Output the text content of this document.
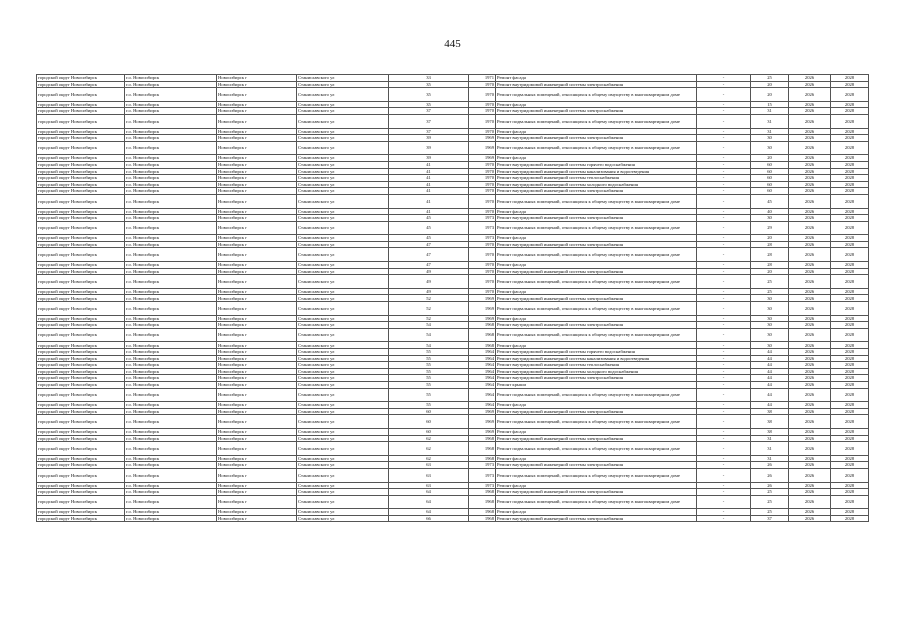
445
городской округ Новосибирск	г.о. Новосибирск	Новосибирск г	Станиславского ул	33	1971	Ремонт фасада	-	25	2026	2028
городской округ Новосибирск	г.о. Новосибирск	Новосибирск г	Станиславского ул	35	1970	Ремонт внутридомовой инженерной системы электроснабжения	-	20	2026	2028
городской округ Новосибирск	г.о. Новосибирск	Новосибирск г	Станиславского ул	35	1970	Ремонт подвальных помещений, относящихся к общему имуществу в многоквартирном доме	-	20	2026	2028
городской округ Новосибирск	г.о. Новосибирск	Новосибирск г	Станиславского ул	35	1970	Ремонт фасада	-	15	2026	2028
городской округ Новосибирск	г.о. Новосибирск	Новосибирск г	Станиславского ул	37	1970	Ремонт внутридомовой инженерной системы электроснабжения	-	31	2026	2028
городской округ Новосибирск	г.о. Новосибирск	Новосибирск г	Станиславского ул	37	1970	Ремонт подвальных помещений, относящихся к общему имуществу в многоквартирном доме	-	31	2026	2028
городской округ Новосибирск	г.о. Новосибирск	Новосибирск г	Станиславского ул	37	1970	Ремонт фасада	-	31	2026	2028
городской округ Новосибирск	г.о. Новосибирск	Новосибирск г	Станиславского ул	39	1969	Ремонт внутридомовой инженерной системы электроснабжения	-	30	2026	2028
городской округ Новосибирск	г.о. Новосибирск	Новосибирск г	Станиславского ул	39	1969	Ремонт подвальных помещений, относящихся к общему имуществу в многоквартирном доме	-	30	2026	2028
городской округ Новосибирск	г.о. Новосибирск	Новосибирск г	Станиславского ул	39	1969	Ремонт фасада	-	20	2026	2028
городской округ Новосибирск	г.о. Новосибирск	Новосибирск г	Станиславского ул	41	1970	Ремонт внутридомовой инженерной системы горячего водоснабжения	-	60	2026	2028
городской округ Новосибирск	г.о. Новосибирск	Новосибирск г	Станиславского ул	41	1970	Ремонт внутридомовой инженерной системы канализования и водоотведения	-	60	2026	2028
городской округ Новосибирск	г.о. Новосибирск	Новосибирск г	Станиславского ул	41	1970	Ремонт внутридомовой инженерной системы теплоснабжения	-	60	2026	2028
городской округ Новосибирск	г.о. Новосибирск	Новосибирск г	Станиславского ул	41	1970	Ремонт внутридомовой инженерной системы холодного водоснабжения	-	60	2026	2028
городской округ Новосибирск	г.о. Новосибирск	Новосибирск г	Станиславского ул	41	1970	Ремонт внутридомовой инженерной системы электроснабжения	-	60	2026	2028
городской округ Новосибирск	г.о. Новосибирск	Новосибирск г	Станиславского ул	41	1970	Ремонт подвальных помещений, относящихся к общему имуществу в многоквартирном доме	-	45	2026	2028
городской округ Новосибирск	г.о. Новосибирск	Новосибирск г	Станиславского ул	41	1970	Ремонт фасада	-	40	2026	2028
городской округ Новосибирск	г.о. Новосибирск	Новосибирск г	Станиславского ул	45	1973	Ремонт внутридомовой инженерной системы электроснабжения	-	30	2026	2028
городской округ Новосибирск	г.о. Новосибирск	Новосибирск г	Станиславского ул	45	1973	Ремонт подвальных помещений, относящихся к общему имуществу в многоквартирном доме	-	29	2026	2028
городской округ Новосибирск	г.о. Новосибирск	Новосибирск г	Станиславского ул	45	1973	Ремонт фасада	-	20	2026	2028
городской округ Новосибирск	г.о. Новосибирск	Новосибирск г	Станиславского ул	47	1970	Ремонт внутридомовой инженерной системы электроснабжения	-	28	2026	2028
городской округ Новосибирск	г.о. Новосибирск	Новосибирск г	Станиславского ул	47	1970	Ремонт подвальных помещений, относящихся к общему имуществу в многоквартирном доме	-	28	2026	2028
городской округ Новосибирск	г.о. Новосибирск	Новосибирск г	Станиславского ул	47	1970	Ремонт фасада	-	28	2026	2028
городской округ Новосибирск	г.о. Новосибирск	Новосибирск г	Станиславского ул	49	1970	Ремонт внутридомовой инженерной системы электроснабжения	-	20	2026	2028
городской округ Новосибирск	г.о. Новосибирск	Новосибирск г	Станиславского ул	49	1970	Ремонт подвальных помещений, относящихся к общему имуществу в многоквартирном доме	-	25	2026	2028
городской округ Новосибирск	г.о. Новосибирск	Новосибирск г	Станиславского ул	49	1970	Ремонт фасада	-	25	2026	2028
городской округ Новосибирск	г.о. Новосибирск	Новосибирск г	Станиславского ул	52	1969	Ремонт внутридомовой инженерной системы электроснабжения	-	30	2026	2028
городской округ Новосибирск	г.о. Новосибирск	Новосибирск г	Станиславского ул	52	1969	Ремонт подвальных помещений, относящихся к общему имуществу в многоквартирном доме	-	30	2026	2028
городской округ Новосибирск	г.о. Новосибирск	Новосибирск г	Станиславского ул	52	1969	Ремонт фасада	-	30	2026	2028
городской округ Новосибирск	г.о. Новосибирск	Новосибирск г	Станиславского ул	54	1968	Ремонт внутридомовой инженерной системы электроснабжения	-	30	2026	2028
городской округ Новосибирск	г.о. Новосибирск	Новосибирск г	Станиславского ул	54	1968	Ремонт подвальных помещений, относящихся к общему имуществу в многоквартирном доме	-	30	2026	2028
городской округ Новосибирск	г.о. Новосибирск	Новосибирск г	Станиславского ул	54	1968	Ремонт фасада	-	30	2026	2028
городской округ Новосибирск	г.о. Новосибирск	Новосибирск г	Станиславского ул	55	1964	Ремонт внутридомовой инженерной системы горячего водоснабжения	-	44	2026	2028
городской округ Новосибирск	г.о. Новосибирск	Новосибирск г	Станиславского ул	55	1964	Ремонт внутридомовой инженерной системы канализования и водоотведения	-	44	2026	2028
городской округ Новосибирск	г.о. Новосибирск	Новосибирск г	Станиславского ул	55	1964	Ремонт внутридомовой инженерной системы теплоснабжения	-	44	2026	2028
городской округ Новосибирск	г.о. Новосибирск	Новосибирск г	Станиславского ул	55	1964	Ремонт внутридомовой инженерной системы холодного водоснабжения	-	44	2026	2028
городской округ Новосибирск	г.о. Новосибирск	Новосибирск г	Станиславского ул	55	1964	Ремонт внутридомовой инженерной системы электроснабжения	-	44	2026	2028
городской округ Новосибирск	г.о. Новосибирск	Новосибирск г	Станиславского ул	55	1964	Ремонт крыши	-	44	2026	2028
городской округ Новосибирск	г.о. Новосибирск	Новосибирск г	Станиславского ул	55	1964	Ремонт подвальных помещений, относящихся к общему имуществу в многоквартирном доме	-	44	2026	2028
городской округ Новосибирск	г.о. Новосибирск	Новосибирск г	Станиславского ул	55	1964	Ремонт фасада	-	44	2026	2028
городской округ Новосибирск	г.о. Новосибирск	Новосибирск г	Станиславского ул	60	1969	Ремонт внутридомовой инженерной системы электроснабжения	-	38	2026	2028
городской округ Новосибирск	г.о. Новосибирск	Новосибирск г	Станиславского ул	60	1969	Ремонт подвальных помещений, относящихся к общему имуществу в многоквартирном доме	-	38	2026	2028
городской округ Новосибирск	г.о. Новосибирск	Новосибирск г	Станиславского ул	60	1969	Ремонт фасада	-	38	2026	2028
городской округ Новосибирск	г.о. Новосибирск	Новосибирск г	Станиславского ул	62	1968	Ремонт внутридомовой инженерной системы электроснабжения	-	31	2026	2028
городской округ Новосибирск	г.о. Новосибирск	Новосибирск г	Станиславского ул	62	1968	Ремонт подвальных помещений, относящихся к общему имуществу в многоквартирном доме	-	31	2026	2028
городской округ Новосибирск	г.о. Новосибирск	Новосибирск г	Станиславского ул	62	1968	Ремонт фасада	-	31	2026	2028
городской округ Новосибирск	г.о. Новосибирск	Новосибирск г	Станиславского ул	63	1973	Ремонт внутридомовой инженерной системы электроснабжения	-	26	2026	2028
городской округ Новосибирск	г.о. Новосибирск	Новосибирск г	Станиславского ул	63	1973	Ремонт подвальных помещений, относящихся к общему имуществу в многоквартирном доме	-	26	2026	2028
городской округ Новосибирск	г.о. Новосибирск	Новосибирск г	Станиславского ул	63	1973	Ремонт фасада	-	26	2026	2028
городской округ Новосибирск	г.о. Новосибирск	Новосибирск г	Станиславского ул	64	1968	Ремонт внутридомовой инженерной системы электроснабжения	-	25	2026	2028
городской округ Новосибирск	г.о. Новосибирск	Новосибирск г	Станиславского ул	64	1968	Ремонт подвальных помещений, относящихся к общему имуществу в многоквартирном доме	-	25	2026	2028
городской округ Новосибирск	г.о. Новосибирск	Новосибирск г	Станиславского ул	64	1968	Ремонт фасада	-	25	2026	2028
городской округ Новосибирск	г.о. Новосибирск	Новосибирск г	Станиславского ул	66	1968	Ремонт внутридомовой инженерной системы электроснабжения	-	37	2026	2028
